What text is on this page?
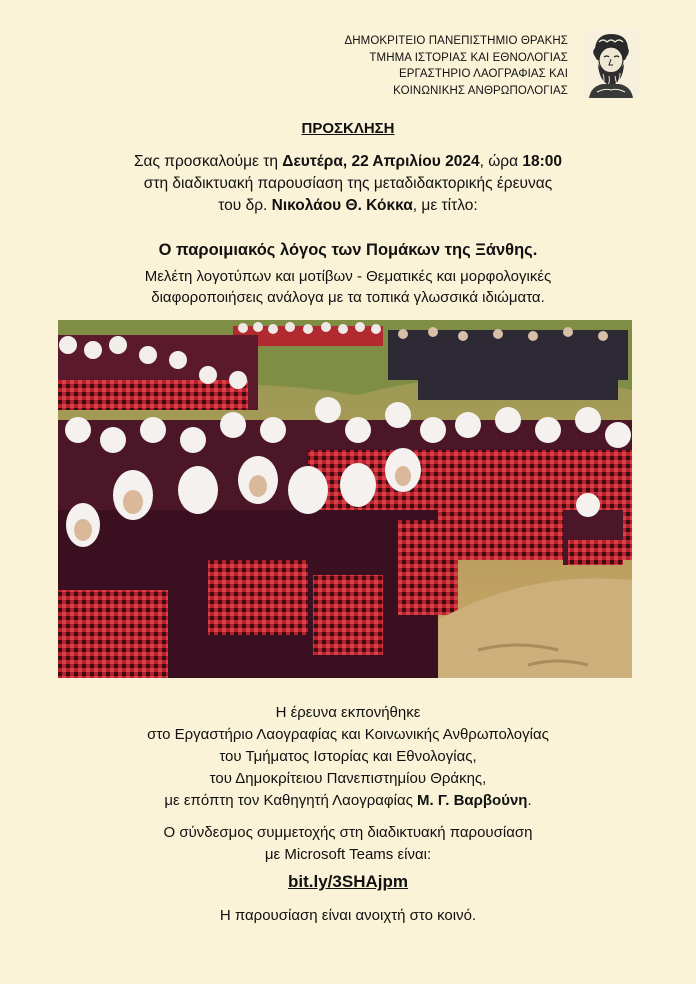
ΔΗΜΟΚΡΙΤΕΙΟ ΠΑΝΕΠΙΣΤΗΜΙΟ ΘΡΑΚΗΣ
ΤΜΗΜΑ ΙΣΤΟΡΙΑΣ ΚΑΙ ΕΘΝΟΛΟΓΙΑΣ
ΕΡΓΑΣΤΗΡΙΟ ΛΑΟΓΡΑΦΙΑΣ ΚΑΙ
ΚΟΙΝΩΝΙΚΗΣ ΑΝΘΡΩΠΟΛΟΓΙΑΣ
ΠΡΟΣΚΛΗΣΗ
Σας προσκαλούμε τη Δευτέρα, 22 Απριλίου 2024, ώρα 18:00
στη διαδικτυακή παρουσίαση της μεταδιδακτορικής έρευνας
του δρ. Νικολάου Θ. Κόκκα, με τίτλο:
Ο παροιμιακός λόγος των Πομάκων της Ξάνθης.
Μελέτη λογοτύπων και μοτίβων - Θεματικές και μορφολογικές
διαφοροποιήσεις ανάλογα με τα τοπικά γλωσσικά ιδιώματα.
Η έρευνα εκπονήθηκε
στο Εργαστήριο Λαογραφίας και Κοινωνικής Ανθρωπολογίας
του Τμήματος Ιστορίας και Εθνολογίας,
του Δημοκρίτειου Πανεπιστημίου Θράκης,
με επόπτη τον Καθηγητή Λαογραφίας Μ. Γ. Βαρβούνη.
Ο σύνδεσμος συμμετοχής στη διαδικτυακή παρουσίαση
με Microsoft Teams είναι:
bit.ly/3SHAjpm
Η παρουσίαση είναι ανοιχτή στο κοινό.
